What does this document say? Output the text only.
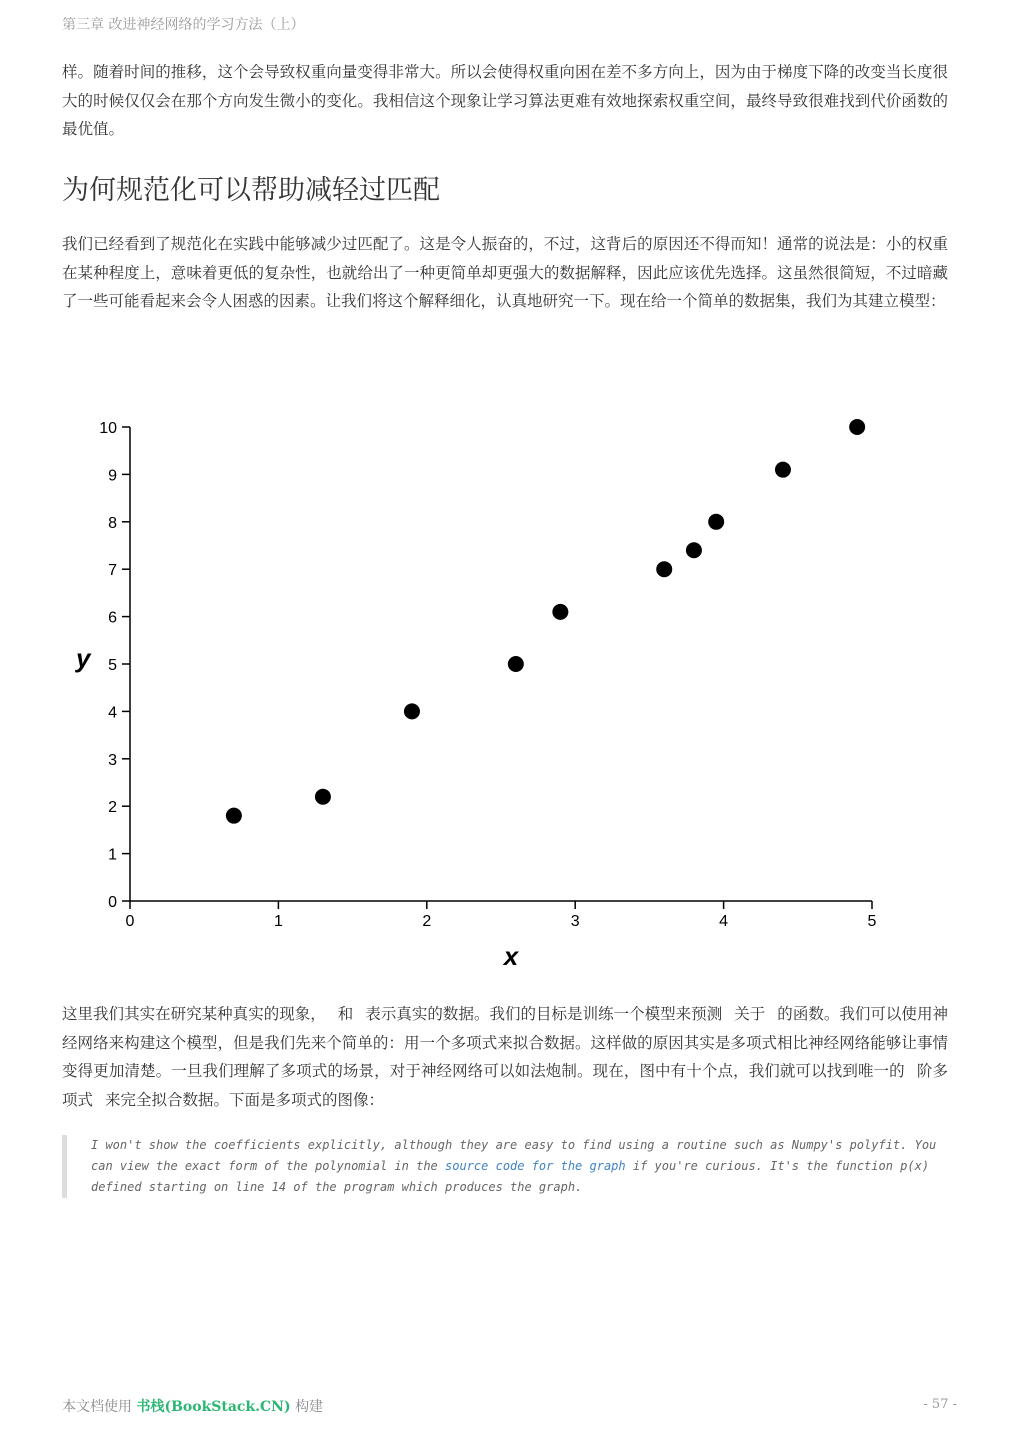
第三章 改进神经网络的学习方法（上）

样。随着时间的推移，这个会导致权重向量变得非常大。所以会使得权重向困在差不多方向上，因为由于梯度下降的改变当长度很大的时候仅仅会在那个方向发生微小的变化。我相信这个现象让学习算法更难有效地探索权重空间，最终导致很难找到代价函数的最优值。

为何规范化可以帮助减轻过匹配

我们已经看到了规范化在实践中能够减少过匹配了。这是令人振奋的，不过，这背后的原因还不得而知！通常的说法是：小的权重在某种程度上，意味着更低的复杂性，也就给出了一种更简单却更强大的数据解释，因此应该优先选择。这虽然很简短，不过暗藏了一些可能看起来会令人困惑的因素。让我们将这个解释细化，认真地研究一下。现在给一个简单的数据集，我们为其建立模型：

0
1
2
3
4
5
6
7
8
9
10
0	1	2	3	4	5
y
x

这里我们其实在研究某种真实的现象， 和 表示真实的数据。我们的目标是训练一个模型来预测 关于 的函数。我们可以使用神经网络来构建这个模型，但是我们先来个简单的：用一个多项式来拟合数据。这样做的原因其实是多项式相比神经网络能够让事情变得更加清楚。一旦我们理解了多项式的场景，对于神经网络可以如法炮制。现在，图中有十个点，我们就可以找到唯一的 阶多项式 来完全拟合数据。下面是多项式的图像：

I won't show the coefficients explicitly, although they are easy to find using a routine such as Numpy's polyfit. You can view the exact form of the polynomial in the source code for the graph if you're curious. It's the function p(x) defined starting on line 14 of the program which produces the graph.
本文档使用 书栈(BookStack.CN) 构建	- 57 -
